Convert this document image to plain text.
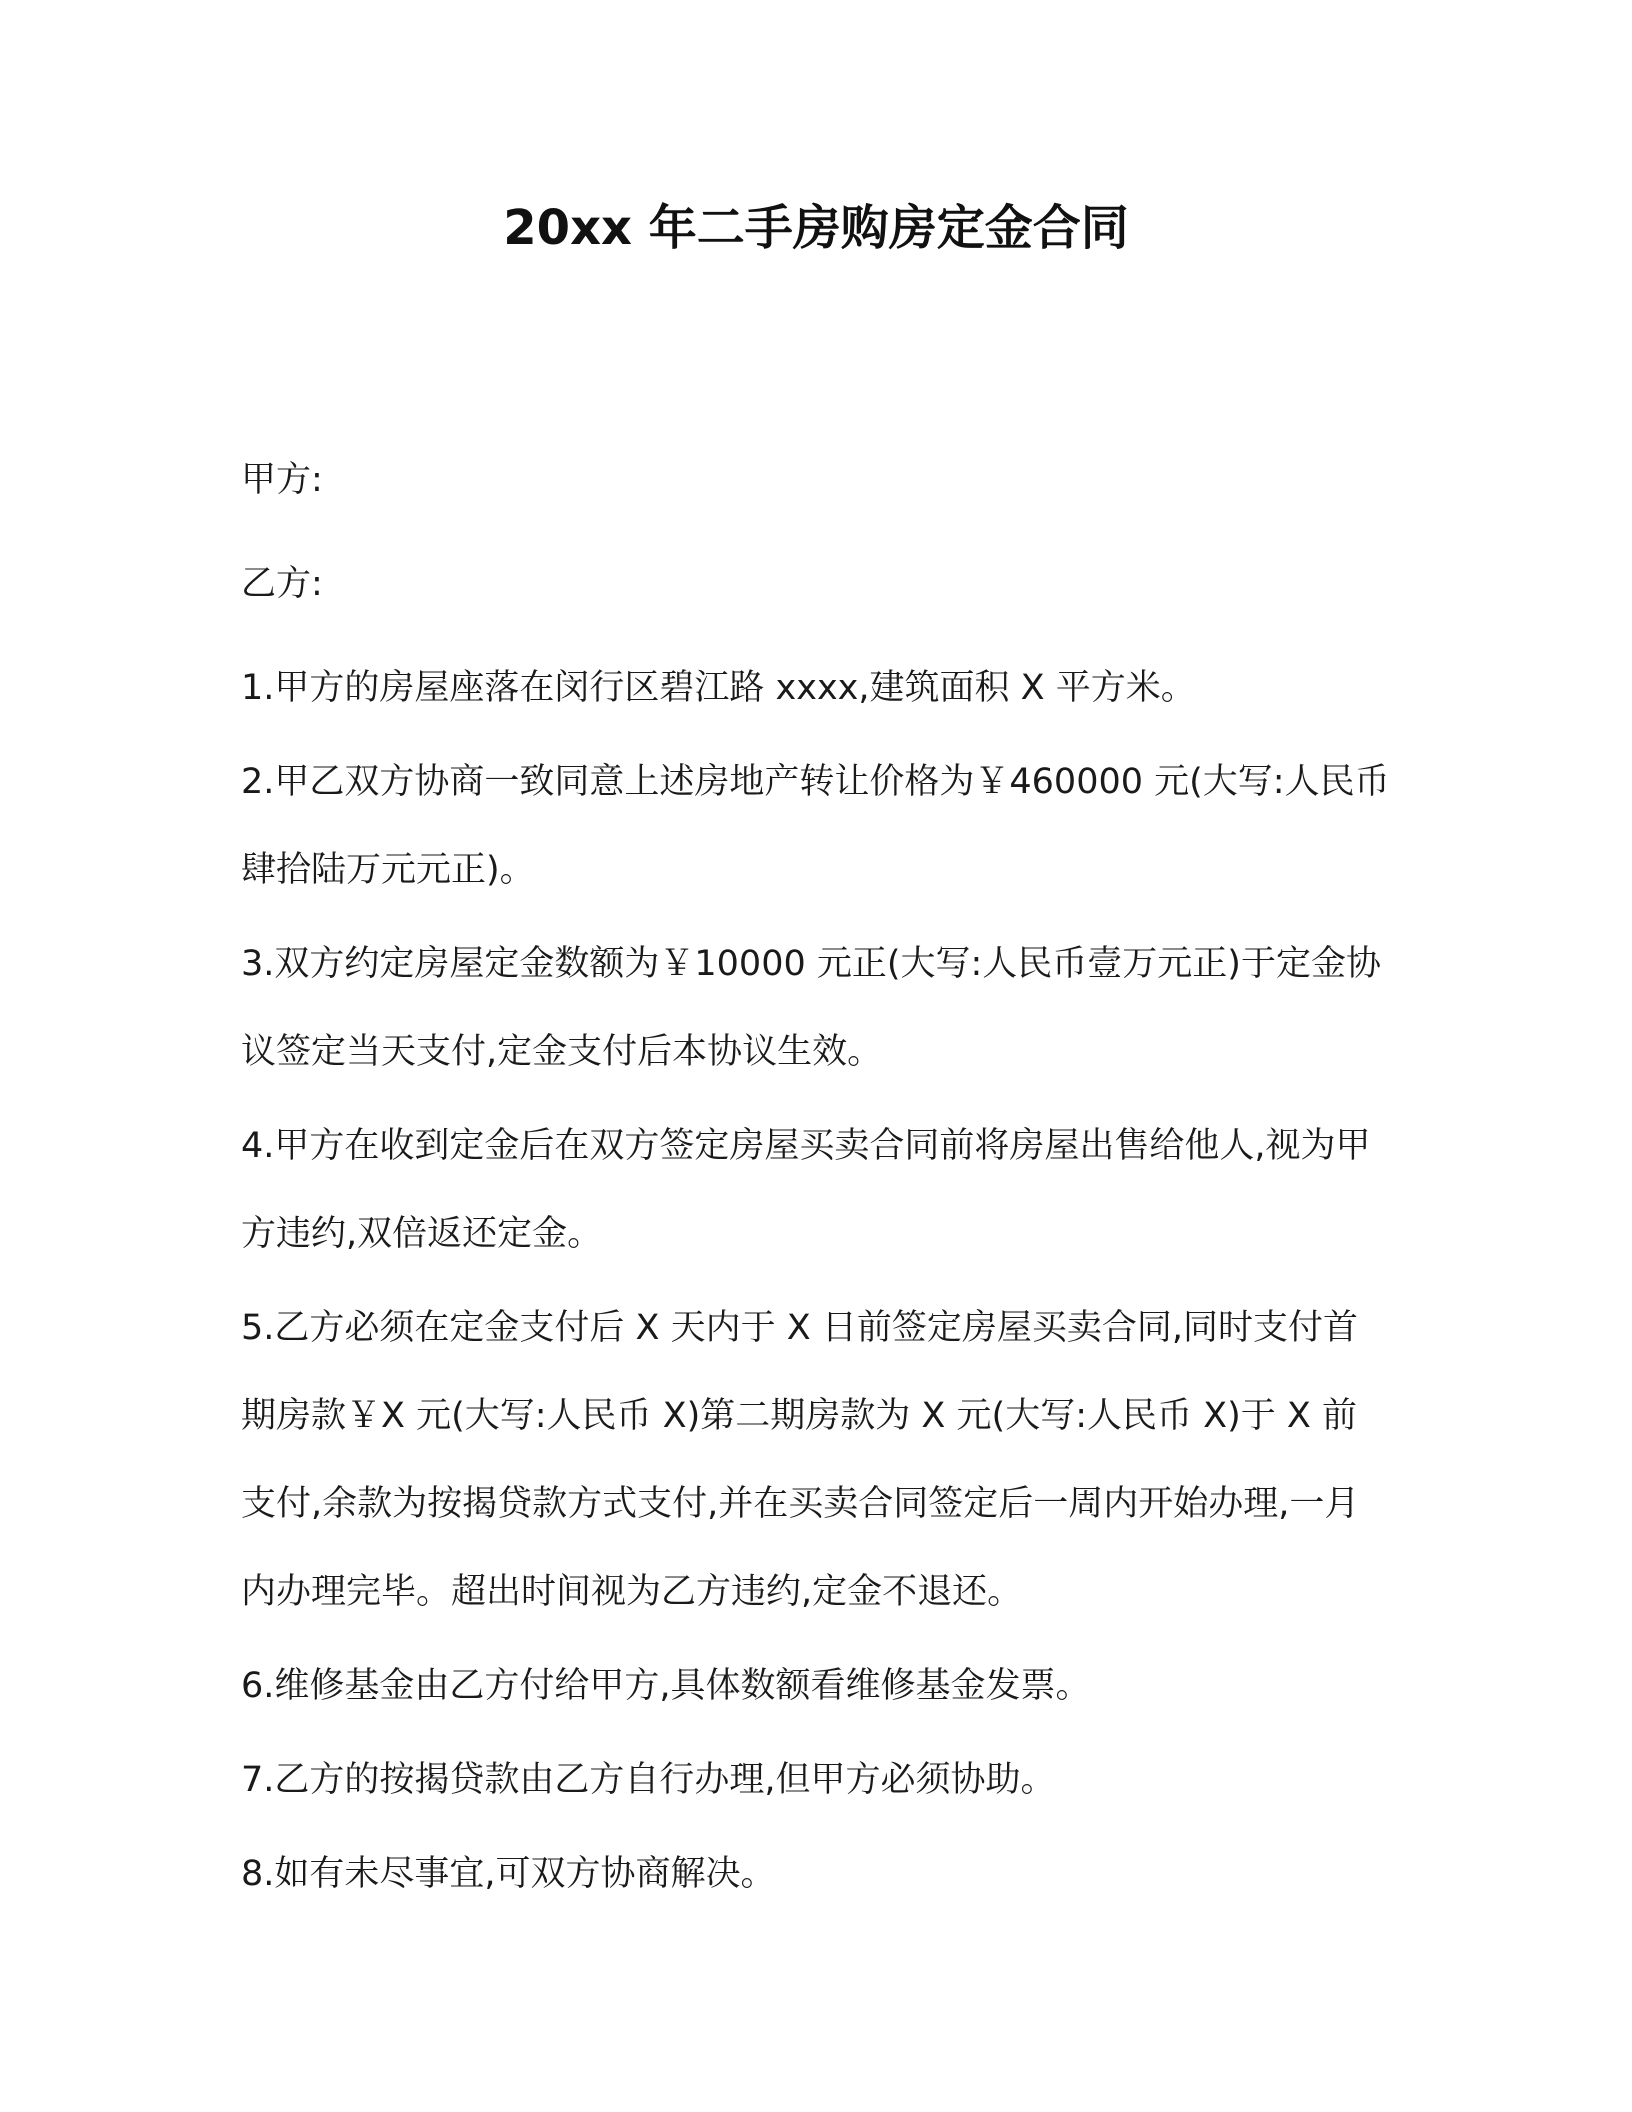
20xx 年二手房购房定金合同
甲方:
乙方:
1.甲方的房屋座落在闵行区碧江路 xxxx,建筑面积 X 平方米。
2.甲乙双方协商一致同意上述房地产转让价格为￥460000 元(大写:人民币肆拾陆万元元正)。
3.双方约定房屋定金数额为￥10000 元正(大写:人民币壹万元正)于定金协议签定当天支付,定金支付后本协议生效。
4.甲方在收到定金后在双方签定房屋买卖合同前将房屋出售给他人,视为甲方违约,双倍返还定金。
5.乙方必须在定金支付后 X 天内于 X 日前签定房屋买卖合同,同时支付首期房款￥X 元(大写:人民币 X)第二期房款为 X 元(大写:人民币 X)于 X 前支付,余款为按揭贷款方式支付,并在买卖合同签定后一周内开始办理,一月内办理完毕。超出时间视为乙方违约,定金不退还。
6.维修基金由乙方付给甲方,具体数额看维修基金发票。
7.乙方的按揭贷款由乙方自行办理,但甲方必须协助。
8.如有未尽事宜,可双方协商解决。
